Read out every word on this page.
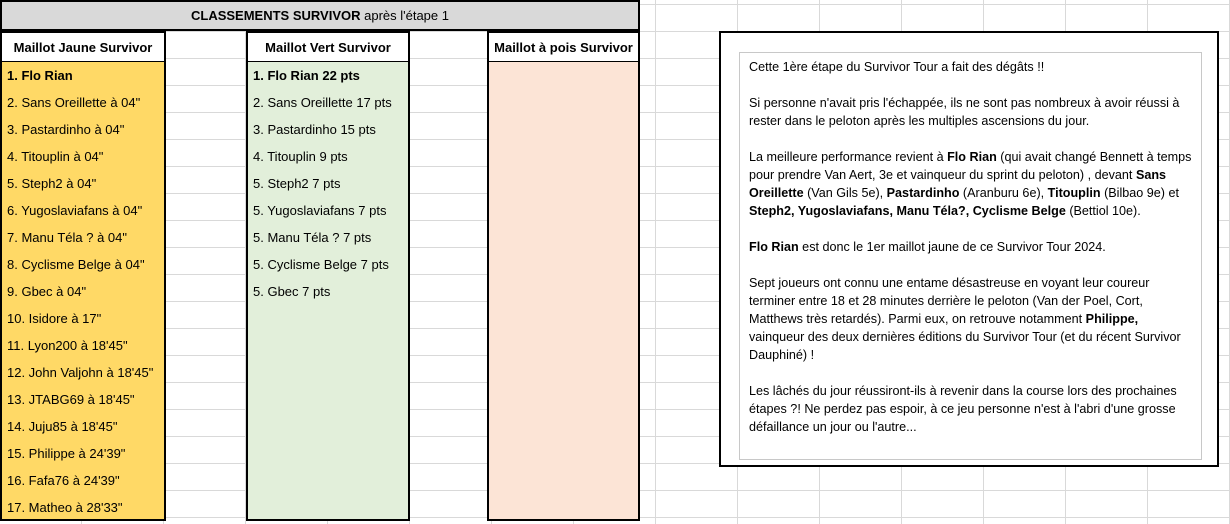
CLASSEMENTS SURVIVOR après l'étape 1
Maillot Jaune Survivor
1. Flo Rian
2. Sans Oreillette à 04"
3. Pastardinho à 04"
4. Titouplin à 04"
5. Steph2 à 04"
6. Yugoslaviafans à 04"
7. Manu Téla ? à 04"
8. Cyclisme Belge à 04"
9. Gbec à 04"
10. Isidore à 17"
11. Lyon200 à 18'45"
12. John Valjohn à 18'45"
13. JTABG69 à 18'45"
14. Juju85 à 18'45"
15. Philippe à 24'39"
16. Fafa76 à 24'39"
17. Matheo à 28'33"
Maillot Vert Survivor
1. Flo Rian 22 pts
2. Sans Oreillette 17 pts
3. Pastardinho 15 pts
4. Titouplin 9 pts
5. Steph2 7 pts
5. Yugoslaviafans 7 pts
5. Manu Téla ? 7 pts
5. Cyclisme Belge 7 pts
5. Gbec 7 pts
Maillot à pois Survivor

Cette 1ère étape du Survivor Tour a fait des dégâts !!

Si personne n'avait pris l'échappée, ils ne sont pas nombreux à avoir réussi à rester dans le peloton après les multiples ascensions du jour.

La meilleure performance revient à Flo Rian (qui avait changé Bennett à temps pour prendre Van Aert, 3e et vainqueur du sprint du peloton) , devant Sans Oreillette (Van Gils 5e), Pastardinho (Aranburu 6e), Titouplin (Bilbao 9e) et Steph2, Yugoslaviafans, Manu Téla?, Cyclisme Belge (Bettiol 10e).

Flo Rian est donc le 1er maillot jaune de ce Survivor Tour 2024.

Sept joueurs ont connu une entame désastreuse en voyant leur coureur terminer entre 18 et 28 minutes derrière le peloton (Van der Poel, Cort, Matthews très retardés). Parmi eux, on retrouve notamment Philippe, vainqueur des deux dernières éditions du Survivor Tour (et du récent Survivor Dauphiné) !

Les lâchés du jour réussiront-ils à revenir dans la course lors des prochaines étapes ?! Ne perdez pas espoir, à ce jeu personne n'est à l'abri d'une grosse défaillance un jour ou l'autre...
